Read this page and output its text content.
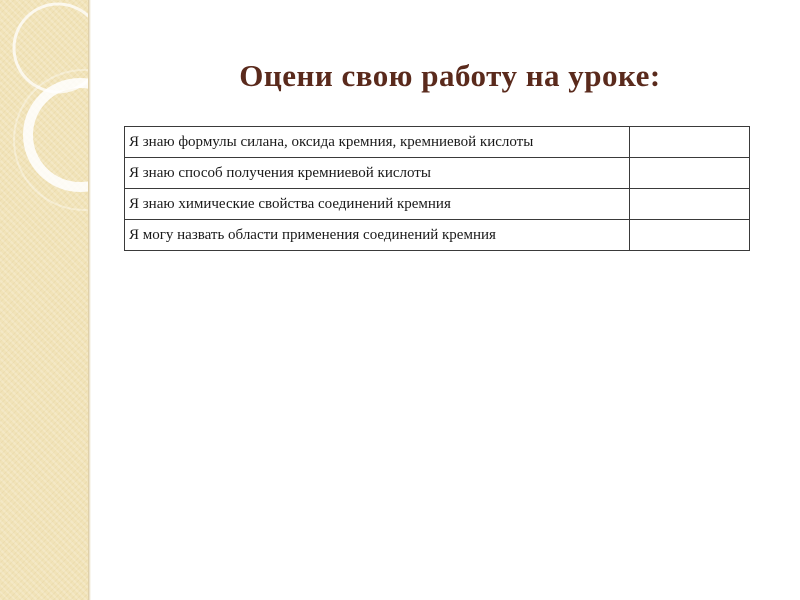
Оцени свою работу на уроке:
Я знаю формулы силана, оксида кремния, кремниевой кислоты	
Я знаю способ получения кремниевой кислоты	
Я знаю химические свойства соединений кремния	
Я могу назвать области применения соединений кремния	
